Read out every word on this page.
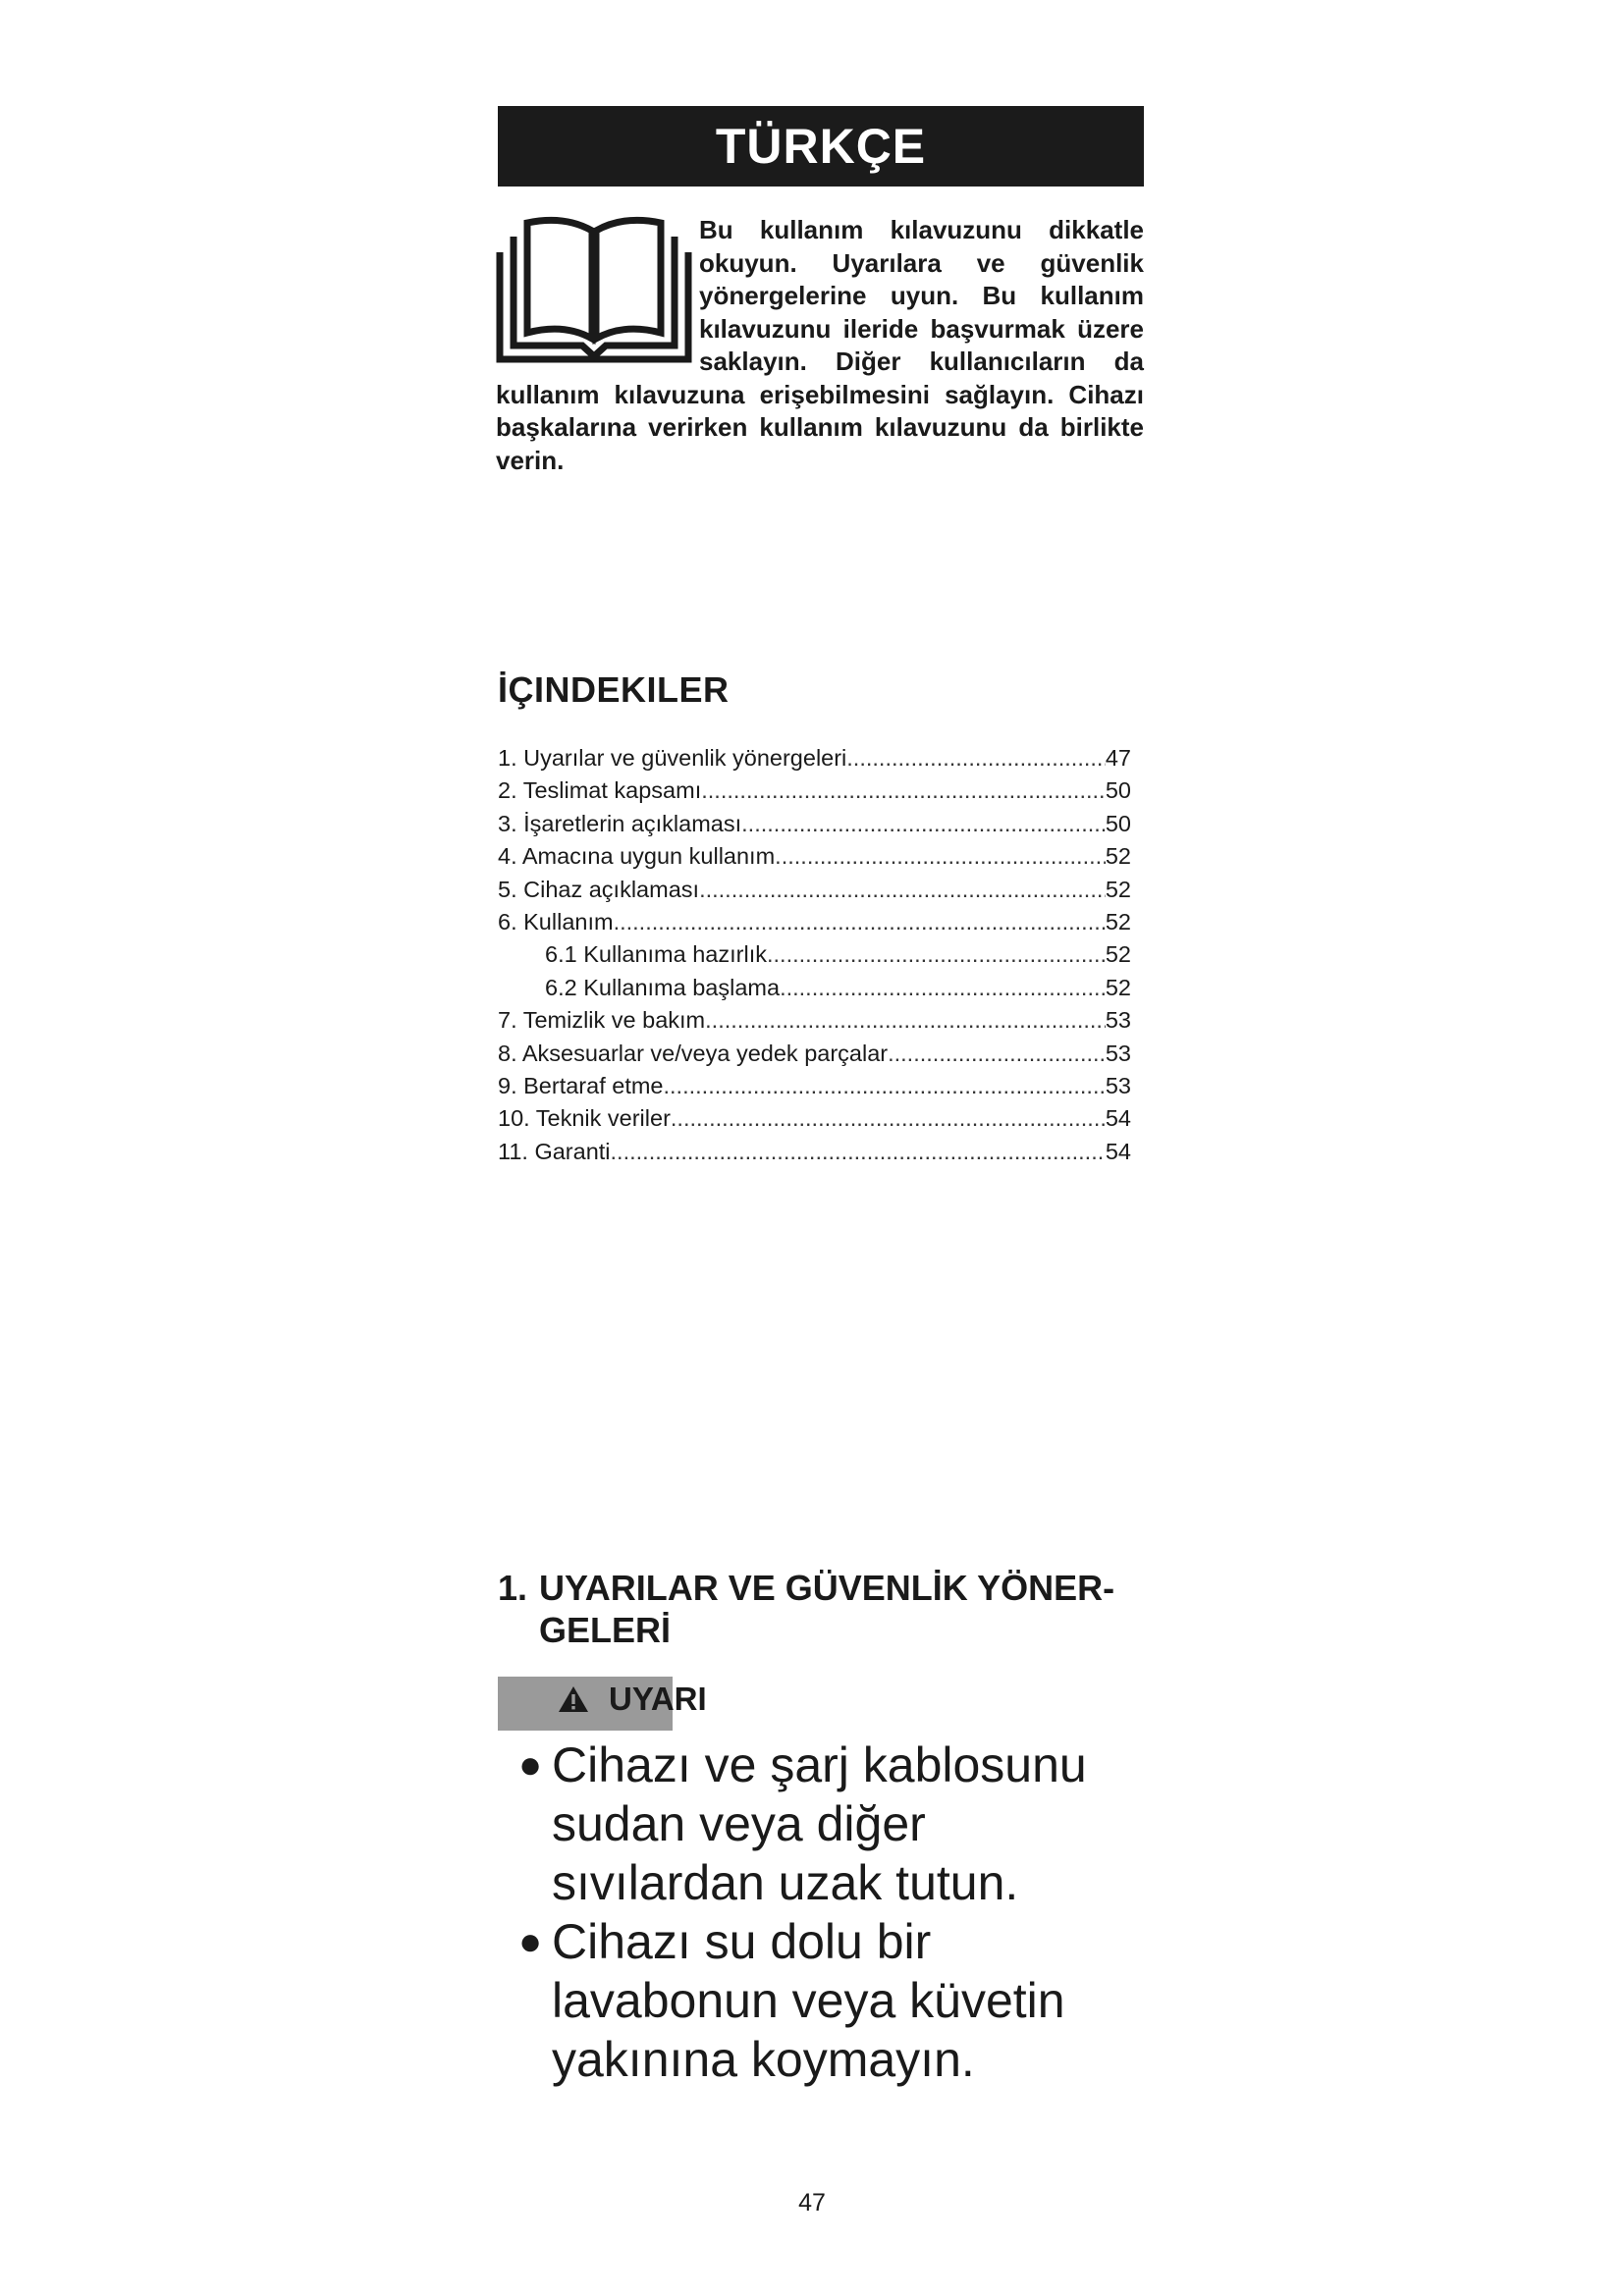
TÜRKÇE
Bu kullanım kılavuzunu dikkatle okuyun. Uyarılara ve güvenlik yönergelerine uyun. Bu kullanım kılavuzunu ileride başvurmak üzere saklayın. Diğer kullanıcıların da kullanım kılavuzuna erişebilmesini sağlayın. Cihazı başkalarına verirken kullanım kılavuzunu da birlikte verin.
İÇINDEKILER
1. Uyarılar ve güvenlik yönergeleri .....	47
2. Teslimat kapsamı .....	50
3. İşaretlerin açıklaması .....	50
4. Amacına uygun kullanım .....	52
5. Cihaz açıklaması .....	52
6. Kullanım .....	52
6.1 Kullanıma hazırlık .....	52
6.2 Kullanıma başlama .....	52
7. Temizlik ve bakım .....	53
8. Aksesuarlar ve/veya yedek parçalar .....	53
9. Bertaraf etme .....	53
10. Teknik veriler .....	54
11. Garanti .....	54
1. UYARILAR VE GÜVENLİK YÖNER-
GELERİ
UYARI
● Cihazı ve şarj kablosunu sudan veya diğer sıvılardan uzak tutun.
● Cihazı su dolu bir lavabonun veya küvetin yakınına koymayın.
47
